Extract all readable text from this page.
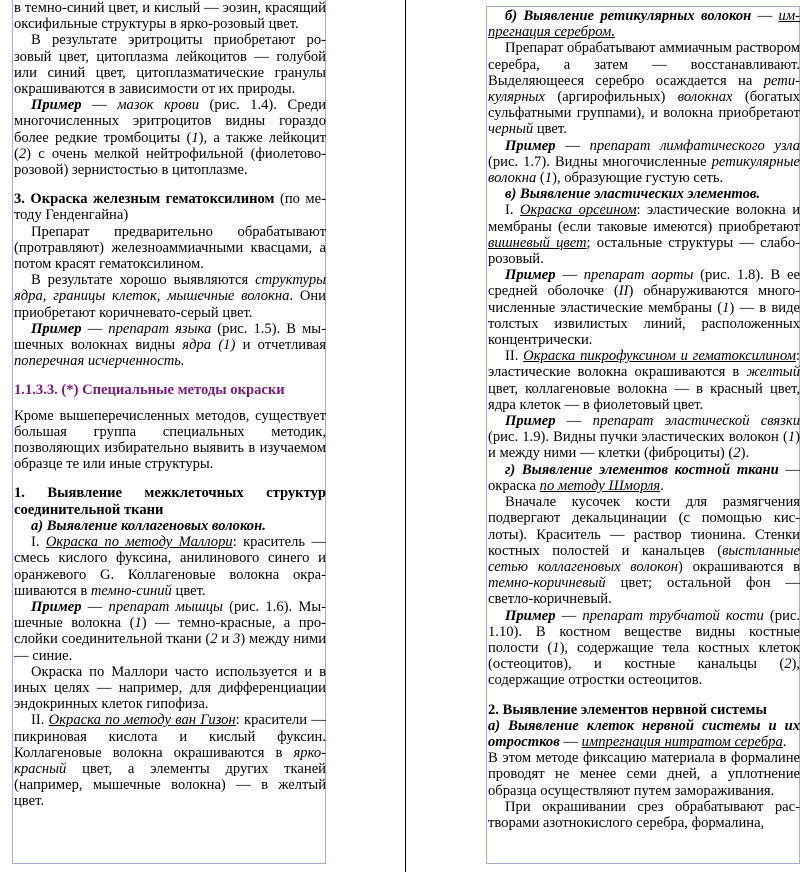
в темно-синий цвет, и кислый — эозин, красящий оксифильные структуры в ярко-розовый цвет.

В результате эритроциты приобретают розовый цвет, цитоплазма лейкоцитов — голубой или синий цвет, цитоплазматические гранулы окрашиваются в зависимости от их природы.

Пример — мазок крови (рис. 1.4). Среди многочисленных эритроцитов видны гораздо более редкие тромбоциты (1), а также лейкоцит (2) с очень мелкой нейтрофильной (фиолетово-розовой) зернистостью в цитоплазме.

3. Окраска железным гематоксилином (по методу Генденгайна)

Препарат предварительно обрабатывают (протравляют) железноаммиачными квасцами, а потом красят гематоксилином.

В результате хорошо выявляются структуры ядра, границы клеток, мышечные волокна. Они приобретают коричневато-серый цвет.

Пример — препарат языка (рис. 1.5). В мышечных волокнах видны ядра (1) и отчетливая поперечная исчерченность.

1.1.3.3. (*) Специальные методы окраски

Кроме вышеперечисленных методов, существует большая группа специальных методик, позволяющих избирательно выявить в изучаемом образце те или иные структуры.

1. Выявление межклеточных структур соединительной ткани

а) Выявление коллагеновых волокон.

I. Окраска по методу Маллори: краситель — смесь кислого фуксина, анилинового синего и оранжевого G. Коллагеновые волокна окрашиваются в темно-синий цвет.

Пример — препарат мышцы (рис. 1.6). Мышечные волокна (1) — темно-красные, а прослойки соединительной ткани (2 и 3) между ними — синие.

Окраска по Маллори часто используется и в иных целях — например, для дифференциации эндокринных клеток гипофиза.

II. Окраска по методу ван Гизон: красители — пикриновая кислота и кислый фуксин. Коллагеновые волокна окрашиваются в ярко-красный цвет, а элементы других тканей (например, мышечные волокна) — в желтый цвет.

б) Выявление ретикулярных волокон — импрегнация серебром.

Препарат обрабатывают аммиачным раствором серебра, а затем — восстанавливают. Выделяющееся серебро осаждается на ретикулярных (аргирофильных) волокнах (богатых сульфатными группами), и волокна приобретают черный цвет.

Пример — препарат лимфатического узла (рис. 1.7). Видны многочисленные ретикулярные волокна (1), образующие густую сеть.

в) Выявление эластических элементов.

I. Окраска орсеином: эластические волокна и мембраны (если таковые имеются) приобретают вишневый цвет; остальные структуры — слабо-розовый.

Пример — препарат аорты (рис. 1.8). В ее средней оболочке (II) обнаруживаются многочисленные эластические мембраны (1) — в виде толстых извилистых линий, расположенных концентрически.

II. Окраска пикрофуксином и гематоксилином: эластические волокна окрашиваются в желтый цвет, коллагеновые волокна — в красный цвет, ядра клеток — в фиолетовый цвет.

Пример — препарат эластической связки (рис. 1.9). Видны пучки эластических волокон (1) и между ними — клетки (фиброциты) (2).

г) Выявление элементов костной ткани — окраска по методу Шморля.

Вначале кусочек кости для размягчения подвергают декальцинации (с помощью кислоты). Краситель — раствор тионина. Стенки костных полостей и канальцев (выстланные сетью коллагеновых волокон) окрашиваются в темно-коричневый цвет; остальной фон — светло-коричневый.

Пример — препарат трубчатой кости (рис. 1.10). В костном веществе видны костные полости (1), содержащие тела костных клеток (остеоцитов), и костные канальцы (2), содержащие отростки остеоцитов.

2. Выявление элементов нервной системы

а) Выявление клеток нервной системы и их отростков — импрегнация нитратом серебра.

В этом методе фиксацию материала в формалине проводят не менее семи дней, а уплотнение образца осуществляют путем замораживания.

При окрашивании срез обрабатывают растворами азотнокислого серебра, формалина,
